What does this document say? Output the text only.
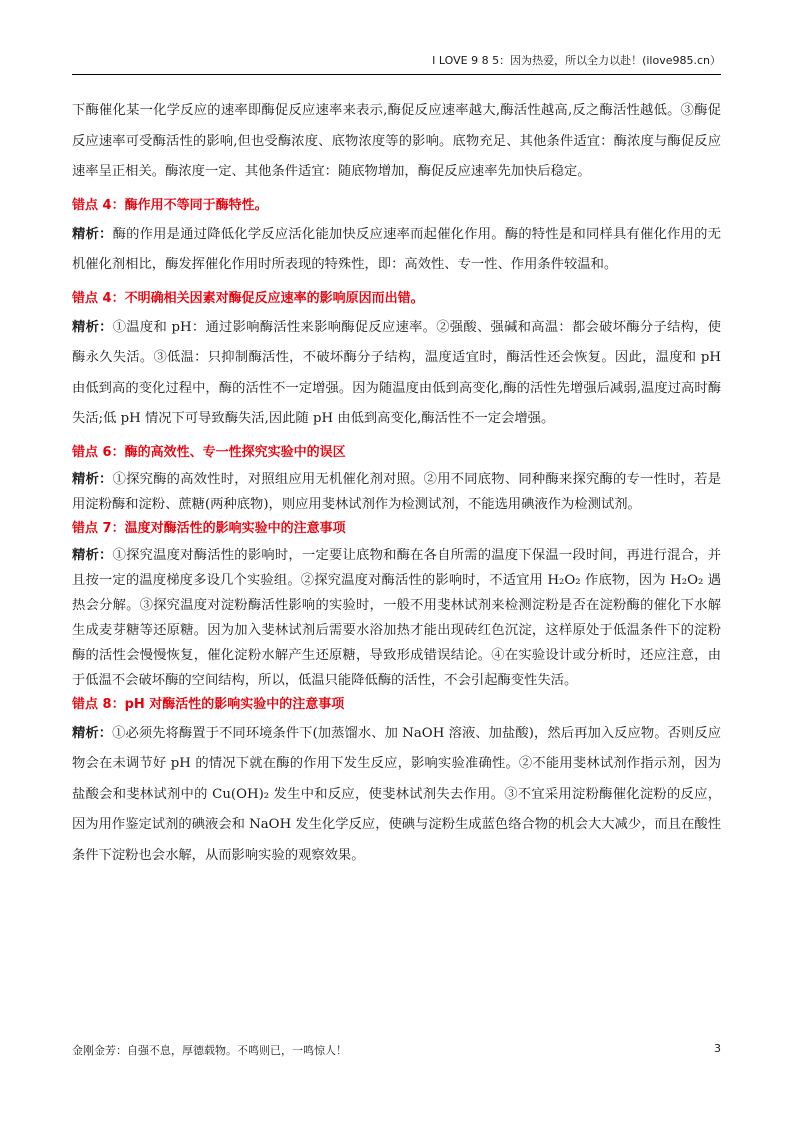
I LOVE 9 8 5：因为热爱，所以全力以赴！(ilove985.cn）

下酶催化某一化学反应的速率即酶促反应速率来表示,酶促反应速率越大,酶活性越高,反之酶活性越低。③酶促反应速率可受酶活性的影响,但也受酶浓度、底物浓度等的影响。底物充足、其他条件适宜：酶浓度与酶促反应速率呈正相关。酶浓度一定、其他条件适宜：随底物增加，酶促反应速率先加快后稳定。

错点 4：酶作用不等同于酶特性。

精析：酶的作用是通过降低化学反应活化能加快反应速率而起催化作用。酶的特性是和同样具有催化作用的无机催化剂相比，酶发挥催化作用时所表现的特殊性，即：高效性、专一性、作用条件较温和。

错点 4：不明确相关因素对酶促反应速率的影响原因而出错。

精析：①温度和 pH：通过影响酶活性来影响酶促反应速率。②强酸、强碱和高温：都会破坏酶分子结构，使酶永久失活。③低温：只抑制酶活性，不破坏酶分子结构，温度适宜时，酶活性还会恢复。因此，温度和 pH 由低到高的变化过程中，酶的活性不一定增强。因为随温度由低到高变化,酶的活性先增强后减弱,温度过高时酶失活;低 pH 情况下可导致酶失活,因此随 pH 由低到高变化,酶活性不一定会增强。

错点 6：酶的高效性、专一性探究实验中的误区

精析：①探究酶的高效性时，对照组应用无机催化剂对照。②用不同底物、同种酶来探究酶的专一性时，若是用淀粉酶和淀粉、蔗糖(两种底物)，则应用斐林试剂作为检测试剂，不能选用碘液作为检测试剂。

错点 7：温度对酶活性的影响实验中的注意事项

精析：①探究温度对酶活性的影响时，一定要让底物和酶在各自所需的温度下保温一段时间，再进行混合，并且按一定的温度梯度多设几个实验组。②探究温度对酶活性的影响时，不适宜用 H₂O₂ 作底物，因为 H₂O₂ 遇热会分解。③探究温度对淀粉酶活性影响的实验时，一般不用斐林试剂来检测淀粉是否在淀粉酶的催化下水解生成麦芽糖等还原糖。因为加入斐林试剂后需要水浴加热才能出现砖红色沉淀，这样原处于低温条件下的淀粉酶的活性会慢慢恢复，催化淀粉水解产生还原糖，导致形成错误结论。④在实验设计或分析时，还应注意，由于低温不会破坏酶的空间结构，所以，低温只能降低酶的活性，不会引起酶变性失活。

错点 8：pH 对酶活性的影响实验中的注意事项

精析：①必须先将酶置于不同环境条件下(加蒸馏水、加 NaOH 溶液、加盐酸)，然后再加入反应物。否则反应物会在未调节好 pH 的情况下就在酶的作用下发生反应，影响实验准确性。②不能用斐林试剂作指示剂，因为盐酸会和斐林试剂中的 Cu(OH)₂ 发生中和反应，使斐林试剂失去作用。③不宜采用淀粉酶催化淀粉的反应，因为用作鉴定试剂的碘液会和 NaOH 发生化学反应，使碘与淀粉生成蓝色络合物的机会大大减少，而且在酸性条件下淀粉也会水解，从而影响实验的观察效果。

金刚金芳：自强不息，厚德载物。不鸣则已，一鸣惊人！	3
